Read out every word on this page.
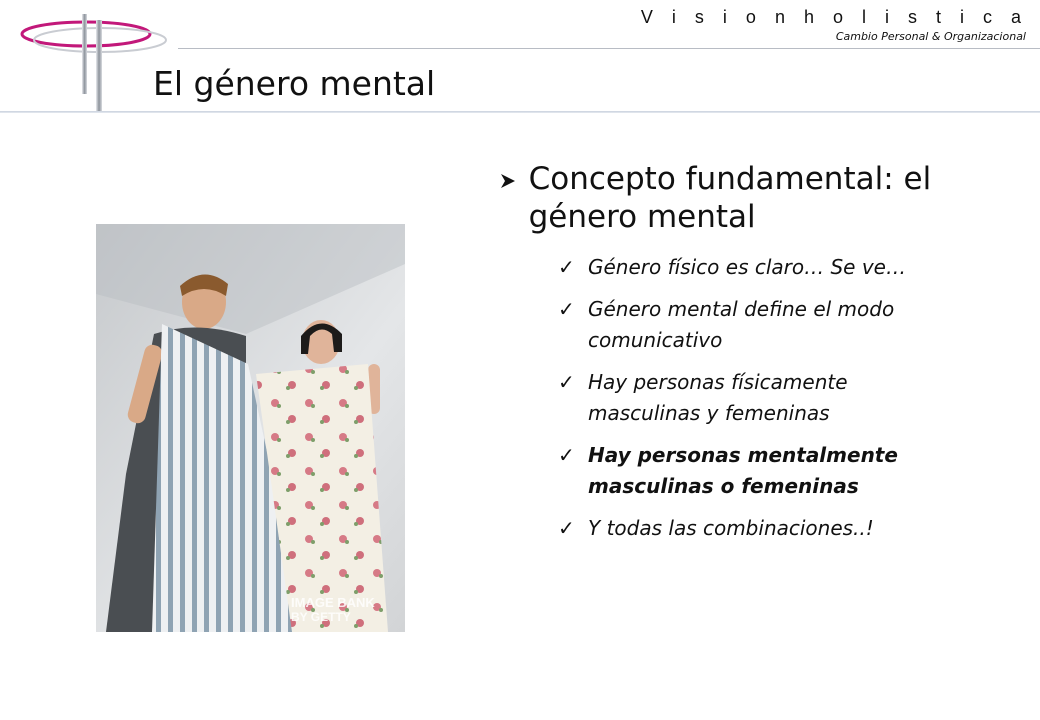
V i s i o n h o l i s t i c a
Cambio Personal & Organizacional
El género mental
IMAGE BANK
BY GETTY
Concepto fundamental: el género mental
✓ Género físico es claro… Se ve…
✓ Género mental define el modo comunicativo
✓ Hay personas físicamente masculinas y femeninas
✓ Hay personas mentalmente masculinas o femeninas
✓ Y todas las combinaciones..!
